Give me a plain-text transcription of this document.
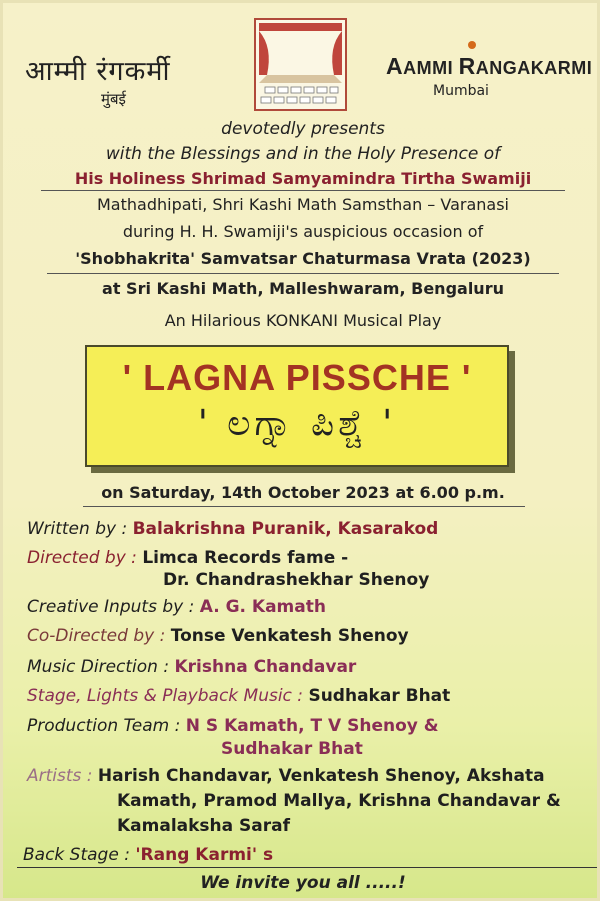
आम्मी रंगकर्मी
मुंबई
AAMMI RANGAKARMI
Mumbai
devotedly presents
with the Blessings and in the Holy Presence of
His Holiness Shrimad Samyamindra Tirtha Swamiji
Mathadhipati, Shri Kashi Math Samsthan – Varanasi
during H. H. Swamiji's auspicious occasion of
'Shobhakrita' Samvatsar Chaturmasa Vrata (2023)
at Sri Kashi Math, Malleshwaram, Bengaluru
An Hilarious KONKANI Musical Play
' LAGNA PISSCHE '
' ಲಗ್ನಾ ಪಿಶ್ಚೆ '
on Saturday, 14th October 2023 at 6.00 p.m.
Written by : Balakrishna Puranik, Kasarakod
Directed by : Limca Records fame -
Dr. Chandrashekhar Shenoy
Creative Inputs by : A. G. Kamath
Co-Directed by : Tonse Venkatesh Shenoy
Music Direction : Krishna Chandavar
Stage, Lights & Playback Music : Sudhakar Bhat
Production Team : N S Kamath, T V Shenoy &
Sudhakar Bhat
Artists : Harish Chandavar, Venkatesh Shenoy, Akshata
Kamath, Pramod Mallya, Krishna Chandavar &
Kamalaksha Saraf
Back Stage : 'Rang Karmi' s
We invite you all .....!
